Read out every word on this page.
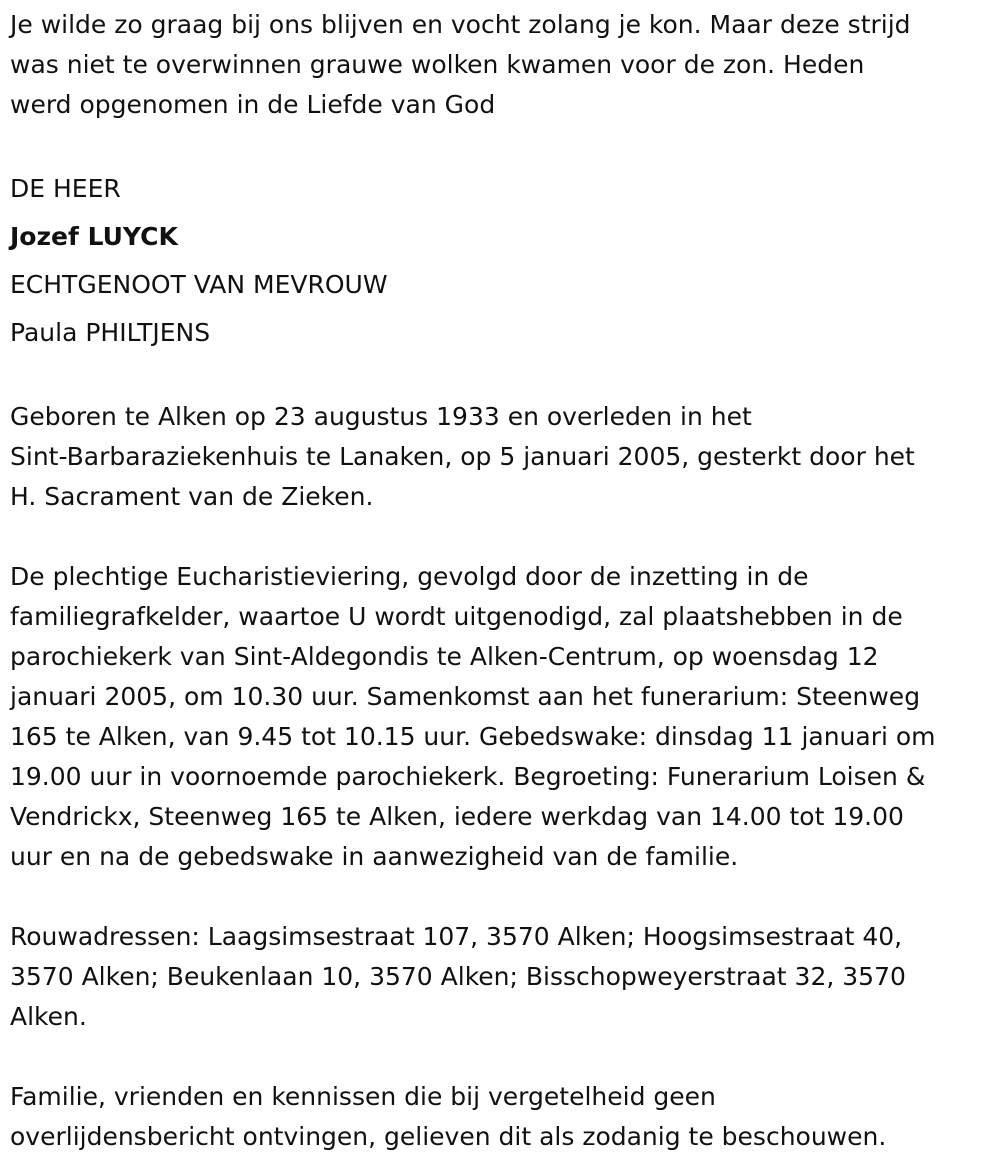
Je wilde zo graag bij ons blijven en vocht zolang je kon. Maar deze strijd
was niet te overwinnen grauwe wolken kwamen voor de zon. Heden
werd opgenomen in de Liefde van God

DE HEER

Jozef LUYCK

ECHTGENOOT VAN MEVROUW

Paula PHILTJENS

Geboren te Alken op 23 augustus 1933 en overleden in het
Sint-Barbaraziekenhuis te Lanaken, op 5 januari 2005, gesterkt door het
H. Sacrament van de Zieken.

De plechtige Eucharistieviering, gevolgd door de inzetting in de
familiegrafkelder, waartoe U wordt uitgenodigd, zal plaatshebben in de
parochiekerk van Sint-Aldegondis te Alken-Centrum, op woensdag 12
januari 2005, om 10.30 uur. Samenkomst aan het funerarium: Steenweg
165 te Alken, van 9.45 tot 10.15 uur. Gebedswake: dinsdag 11 januari om
19.00 uur in voornoemde parochiekerk. Begroeting: Funerarium Loisen &
Vendrickx, Steenweg 165 te Alken, iedere werkdag van 14.00 tot 19.00
uur en na de gebedswake in aanwezigheid van de familie.

Rouwadressen: Laagsimsestraat 107, 3570 Alken; Hoogsimsestraat 40,
3570 Alken; Beukenlaan 10, 3570 Alken; Bisschopweyerstraat 32, 3570
Alken.

Familie, vrienden en kennissen die bij vergetelheid geen
overlijdensbericht ontvingen, gelieven dit als zodanig te beschouwen.
